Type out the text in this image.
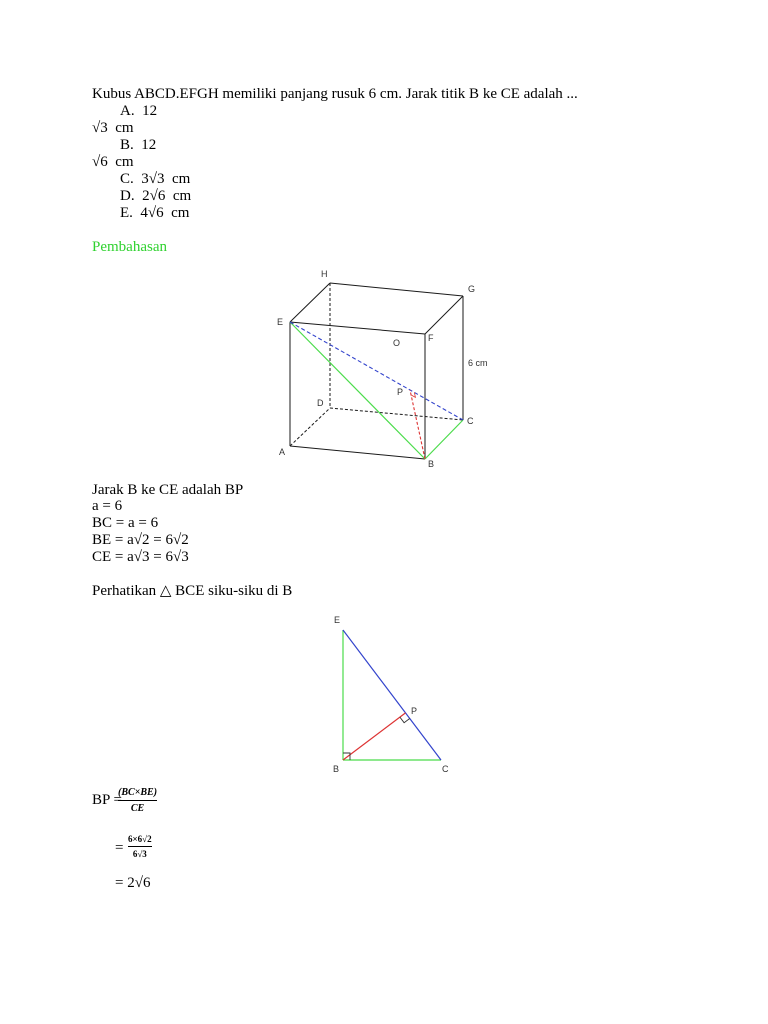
Kubus ABCD.EFGH memiliki panjang rusuk 6 cm. Jarak titik B ke CE adalah ...
A.  12
√3  cm
B.  12
√6  cm
C.  3√3  cm
D.  2√6  cm
E.  4√6  cm
Pembahasan
H
G
E
F
O
6 cm
P
D
C
A
B
Jarak B ke CE adalah BP
a = 6
BC = a = 6
BE = a√2 = 6√2
CE = a√3 = 6√3
Perhatikan △ BCE siku-siku di B
E
P
B	C
BP =
(BC×BE)
CE
=
6×6√2
6√3
= 2√6
